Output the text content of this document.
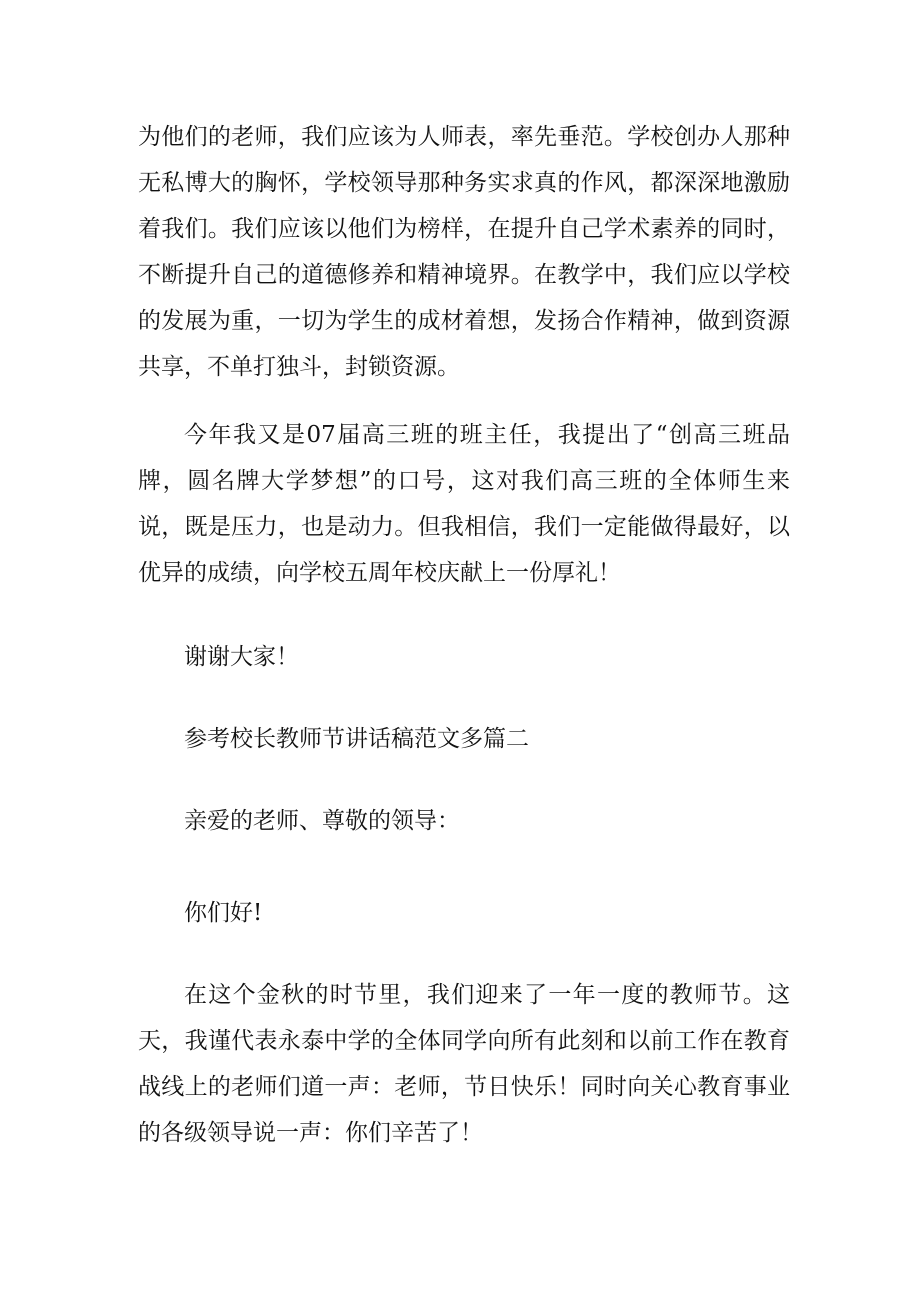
为他们的老师，我们应该为人师表，率先垂范。学校创办人那种无私博大的胸怀，学校领导那种务实求真的作风，都深深地激励着我们。我们应该以他们为榜样，在提升自己学术素养的同时，不断提升自己的道德修养和精神境界。在教学中，我们应以学校的发展为重，一切为学生的成材着想，发扬合作精神，做到资源共享，不单打独斗，封锁资源。

今年我又是07届高三班的班主任，我提出了“创高三班品牌，圆名牌大学梦想”的口号，这对我们高三班的全体师生来说，既是压力，也是动力。但我相信，我们一定能做得最好，以优异的成绩，向学校五周年校庆献上一份厚礼！

谢谢大家！

参考校长教师节讲话稿范文多篇二

亲爱的老师、尊敬的领导：

你们好!

在这个金秋的时节里，我们迎来了一年一度的教师节。这天，我谨代表永泰中学的全体同学向所有此刻和以前工作在教育战线上的老师们道一声：老师，节日快乐！同时向关心教育事业的各级领导说一声：你们辛苦了！
